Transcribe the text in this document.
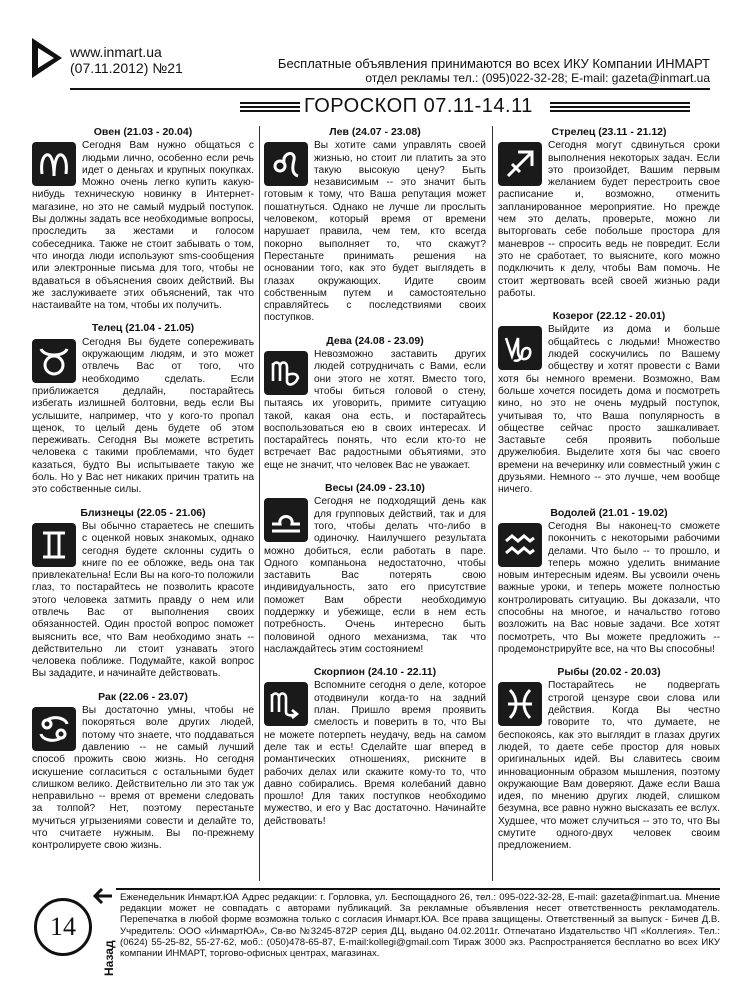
www.inmart.ua
(07.11.2012) №21	Бесплатные объявления принимаются во всех ИКУ Компании ИНМАРТ
отдел рекламы тел.: (095)022-32-28; E-mail: gazeta@inmart.ua
ГОРОСКОП 07.11-14.11
Овен (21.03 - 20.04)
Сегодня Вам нужно общаться с людьми лично, особенно если речь идет о деньгах и крупных покупках. Можно очень легко купить какую-нибудь техническую новинку в Интернет-магазине, но это не самый мудрый поступок. Вы должны задать все необходимые вопросы, проследить за жестами и голосом собеседника. Также не стоит забывать о том, что иногда люди используют sms-сообщения или электронные письма для того, чтобы не вдаваться в объяснения своих действий. Вы же заслуживаете этих объяснений, так что настаивайте на том, чтобы их получить.
Телец (21.04 - 21.05)
Сегодня Вы будете сопереживать окружающим людям, и это может отвлечь Вас от того, что необходимо сделать. Если приближается дедлайн, постарайтесь избегать излишней болтовни, ведь если Вы услышите, например, что у кого-то пропал щенок, то целый день будете об этом переживать. Сегодня Вы можете встретить человека с такими проблемами, что будет казаться, будто Вы испытываете такую же боль. Но у Вас нет никаких причин тратить на это собственные силы.
Близнецы (22.05 - 21.06)
Вы обычно стараетесь не спешить с оценкой новых знакомых, однако сегодня будете склонны судить о книге по ее обложке, ведь она так привлекательна! Если Вы на кого-то положили глаз, то постарайтесь не позволить красоте этого человека затмить правду о нем или отвлечь Вас от выполнения своих обязанностей. Один простой вопрос поможет выяснить все, что Вам необходимо знать -- действительно ли стоит узнавать этого человека поближе. Подумайте, какой вопрос Вы зададите, и начинайте действовать.
Рак (22.06 - 23.07)
Вы достаточно умны, чтобы не покоряться воле других людей, потому что знаете, что поддаваться давлению -- не самый лучший способ прожить свою жизнь. Но сегодня искушение согласиться с остальными будет слишком велико. Действительно ли это так уж неправильно -- время от времени следовать за толпой? Нет, поэтому перестаньте мучиться угрызениями совести и делайте то, что считаете нужным. Вы по-прежнему контролируете свою жизнь.
Лев (24.07 - 23.08)
Вы хотите сами управлять своей жизнью, но стоит ли платить за это такую высокую цену? Быть независимым -- это значит быть готовым к тому, что Ваша репутация может пошатнуться. Однако не лучше ли прослыть человеком, который время от времени нарушает правила, чем тем, кто всегда покорно выполняет то, что скажут? Перестаньте принимать решения на основании того, как это будет выглядеть в глазах окружающих. Идите своим собственным путем и самостоятельно справляйтесь с последствиями своих поступков.
Дева (24.08 - 23.09)
Невозможно заставить других людей сотрудничать с Вами, если они этого не хотят. Вместо того, чтобы биться головой о стену, пытаясь их уговорить, примите ситуацию такой, какая она есть, и постарайтесь воспользоваться ею в своих интересах. И постарайтесь понять, что если кто-то не встречает Вас радостными объятиями, это еще не значит, что человек Вас не уважает.
Весы (24.09 - 23.10)
Сегодня не подходящий день как для групповых действий, так и для того, чтобы делать что-либо в одиночку. Наилучшего результата можно добиться, если работать в паре. Одного компаньона недостаточно, чтобы заставить Вас потерять свою индивидуальность, зато его присутствие поможет Вам обрести необходимую поддержку и убежище, если в нем есть потребность. Очень интересно быть половиной одного механизма, так что наслаждайтесь этим состоянием!
Скорпион (24.10 - 22.11)
Вспомните сегодня о деле, которое отодвинули когда-то на задний план. Пришло время проявить смелость и поверить в то, что Вы не можете потерпеть неудачу, ведь на самом деле так и есть! Сделайте шаг вперед в романтических отношениях, рискните в рабочих делах или скажите кому-то то, что давно собирались. Время колебаний давно прошло! Для таких поступков необходимо мужество, и его у Вас достаточно. Начинайте действовать!
Стрелец (23.11 - 21.12)
Сегодня могут сдвинуться сроки выполнения некоторых задач. Если это произойдет, Вашим первым желанием будет перестроить свое расписание и, возможно, отменить запланированное мероприятие. Но прежде чем это делать, проверьте, можно ли выторговать себе побольше простора для маневров -- спросить ведь не повредит. Если это не сработает, то выясните, кого можно подключить к делу, чтобы Вам помочь. Не стоит жертвовать всей своей жизнью ради работы.
Козерог (22.12 - 20.01)
Выйдите из дома и больше общайтесь с людьми! Множество людей соскучились по Вашему обществу и хотят провести с Вами хотя бы немного времени. Возможно, Вам больше хочется посидеть дома и посмотреть кино, но это не очень мудрый поступок, учитывая то, что Ваша популярность в обществе сейчас просто зашкаливает. Заставьте себя проявить побольше дружелюбия. Выделите хотя бы час своего времени на вечеринку или совместный ужин с друзьями. Немного -- это лучше, чем вообще ничего.
Водолей (21.01 - 19.02)
Сегодня Вы наконец-то сможете покончить с некоторыми рабочими делами. Что было -- то прошло, и теперь можно уделить внимание новым интересным идеям. Вы усвоили очень важные уроки, и теперь можете полностью контролировать ситуацию. Вы доказали, что способны на многое, и начальство готово возложить на Вас новые задачи. Все хотят посмотреть, что Вы можете предложить -- продемонстрируйте все, на что Вы способны!
Рыбы (20.02 - 20.03)
Постарайтесь не подвергать строгой цензуре свои слова или действия. Когда Вы честно говорите то, что думаете, не беспокоясь, как это выглядит в глазах других людей, то даете себе простор для новых оригинальных идей. Вы славитесь своим инновационным образом мышления, поэтому окружающие Вам доверяют. Даже если Ваша идея, по мнению других людей, слишком безумна, все равно нужно высказать ее вслух. Худшее, что может случиться -- это то, что Вы смутите одного-двух человек своим предложением.
14
Назад
Еженедельник Инмарт.ЮА Адрес редакции: г. Горловка, ул. Беспощадного 26, тел.: 095-022-32-28, E-mail: gazeta@inmart.ua. Мнение редакции может не совпадать с авторами публикаций. За рекламные объявления несет ответственность рекламодатель. Перепечатка в любой форме возможна только с согласия Инмарт.ЮА. Все права защищены. Ответственный за выпуск - Бичев Д.В. Учредитель: ООО «ИнмартЮА», Св-во №3245-872Р серия ДЦ, выдано 04.02.2011г. Отпечатано Издательство ЧП «Коллегия». Тел.: (0624) 55-25-82, 55-27-62, моб.: (050)478-65-87, E-mail:kollegi@gmail.com Тираж 3000 экз. Распространяется бесплатно во всех ИКУ компании ИНМАРТ, торгово-офисных центрах, магазинах.
